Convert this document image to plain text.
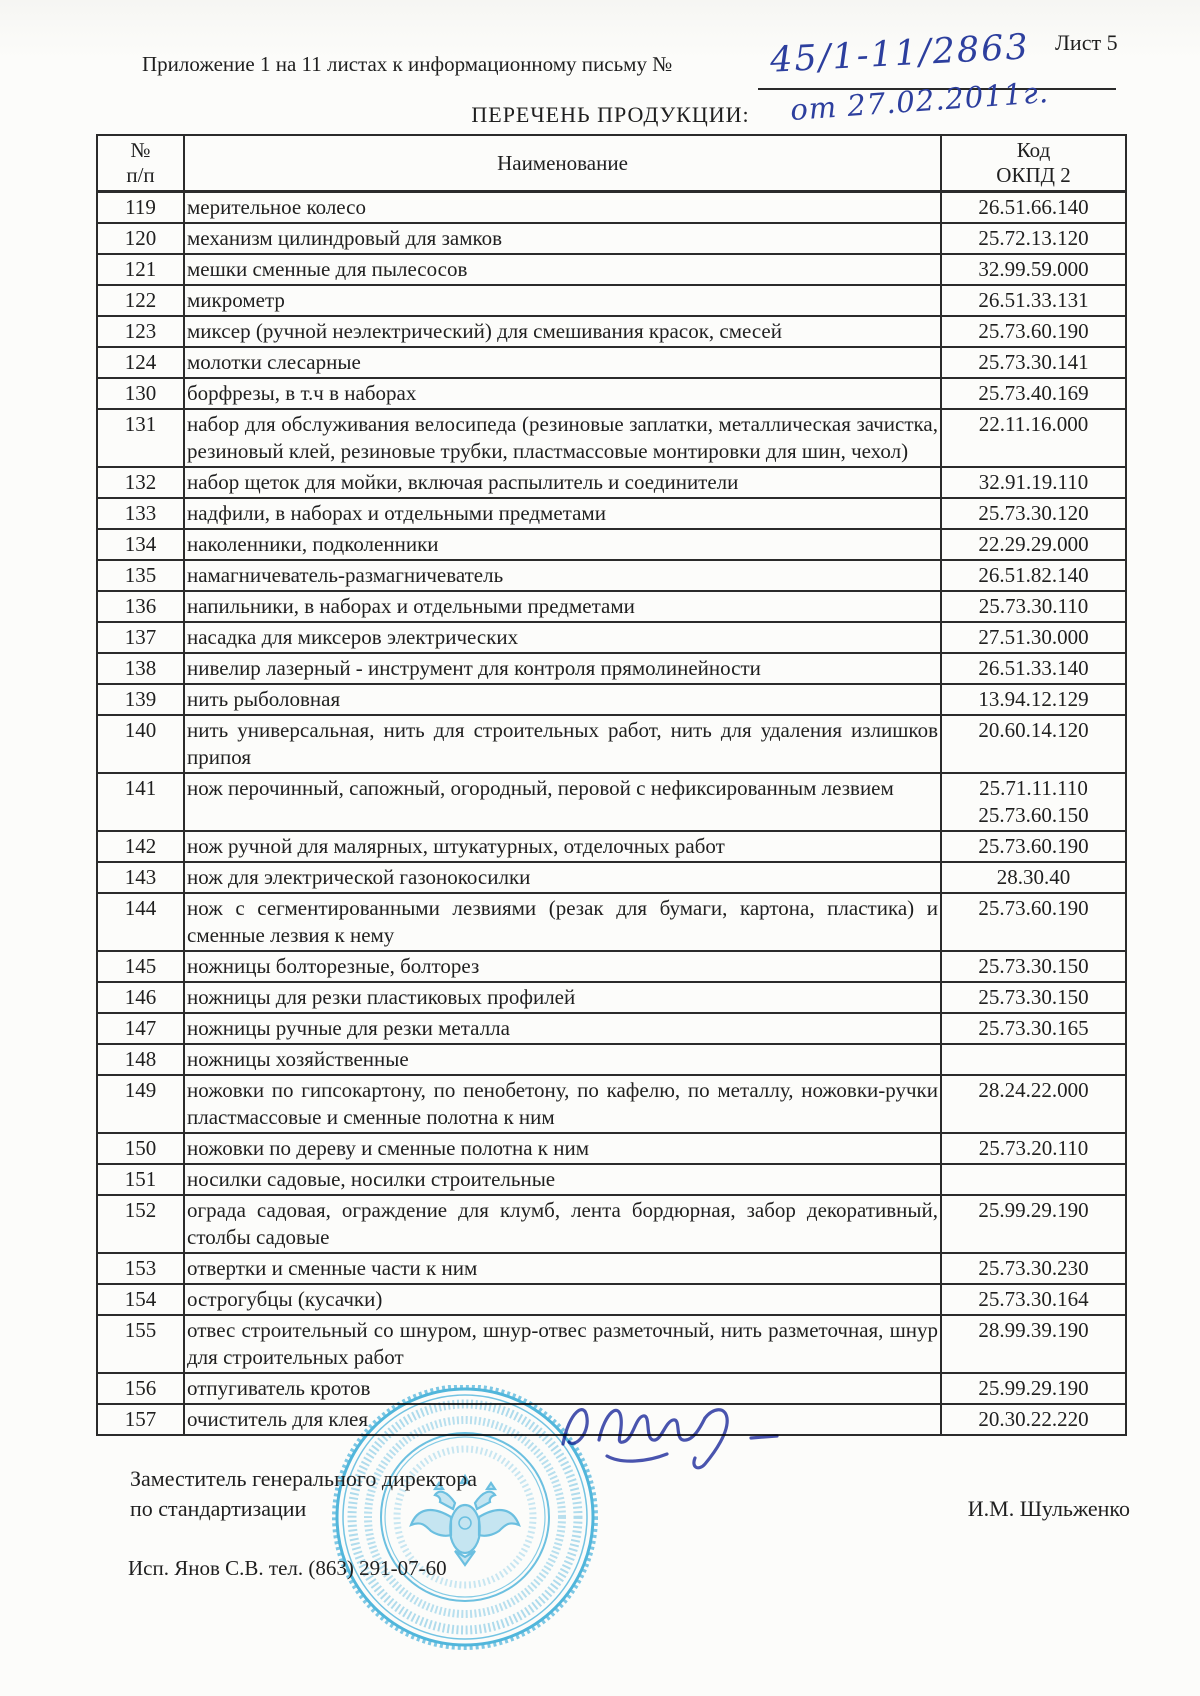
Лист 5
Приложение 1 на 11 листах к информационному письму №	45/1-11/2863
от 27.02.2011г.
ПЕРЕЧЕНЬ ПРОДУКЦИИ:
№
п/п
	Наименование	
Код
ОКПД 2

119	мерительное колесо	26.51.66.140

120	механизм цилиндровый для замков	25.72.13.120

121	мешки сменные для пылесосов	32.99.59.000

122	микрометр	26.51.33.131

123	миксер (ручной неэлектрический) для смешивания красок, смесей	25.73.60.190

124	молотки слесарные	25.73.30.141

130	борфрезы, в т.ч в наборах	25.73.40.169

131	набор для обслуживания велосипеда (резиновые заплатки, металлическая зачистка, резиновый клей, резиновые трубки, пластмассовые монтировки для шин, чехол)	22.11.16.000

132	набор щеток для мойки, включая распылитель и соединители	32.91.19.110

133	надфили, в наборах и отдельными предметами	25.73.30.120

134	наколенники, подколенники	22.29.29.000

135	намагничеватель-размагничеватель	26.51.82.140

136	напильники, в наборах и отдельными предметами	25.73.30.110

137	насадка для миксеров электрических	27.51.30.000

138	нивелир лазерный - инструмент для контроля прямолинейности	26.51.33.140

139	нить рыболовная	13.94.12.129

140	нить универсальная, нить для строительных работ, нить для удаления излишков припоя	20.60.14.120

141	нож перочинный, сапожный, огородный, перовой с нефиксированным лезвием	25.71.11.110
25.73.60.150

142	нож ручной для малярных, штукатурных, отделочных работ	25.73.60.190

143	нож для электрической газонокосилки	28.30.40

144	нож с сегментированными лезвиями (резак для бумаги, картона, пластика) и сменные лезвия к нему	25.73.60.190

145	ножницы болторезные, болторез	25.73.30.150

146	ножницы для резки пластиковых профилей	25.73.30.150

147	ножницы ручные для резки металла	25.73.30.165

148	ножницы хозяйственные	
149	ножовки по гипсокартону, по пенобетону, по кафелю, по металлу, ножовки-ручки пластмассовые и сменные полотна к ним	28.24.22.000

150	ножовки по дереву и сменные полотна к ним	25.73.20.110

151	носилки садовые, носилки строительные	
152	ограда садовая, ограждение для клумб, лента бордюрная, забор декоративный, столбы садовые	25.99.29.190

153	отвертки и сменные части к ним	25.73.30.230

154	острогубцы (кусачки)	25.73.30.164

155	отвес строительный со шнуром, шнур-отвес разметочный, нить разметочная, шнур для строительных работ	28.99.39.190

156	отпугиватель кротов	25.99.29.190

157	очиститель для клея	20.30.22.220
Заместитель генерального директора
по стандартизации	И.М. Шульженко
Исп. Янов С.В. тел. (863) 291-07-60
